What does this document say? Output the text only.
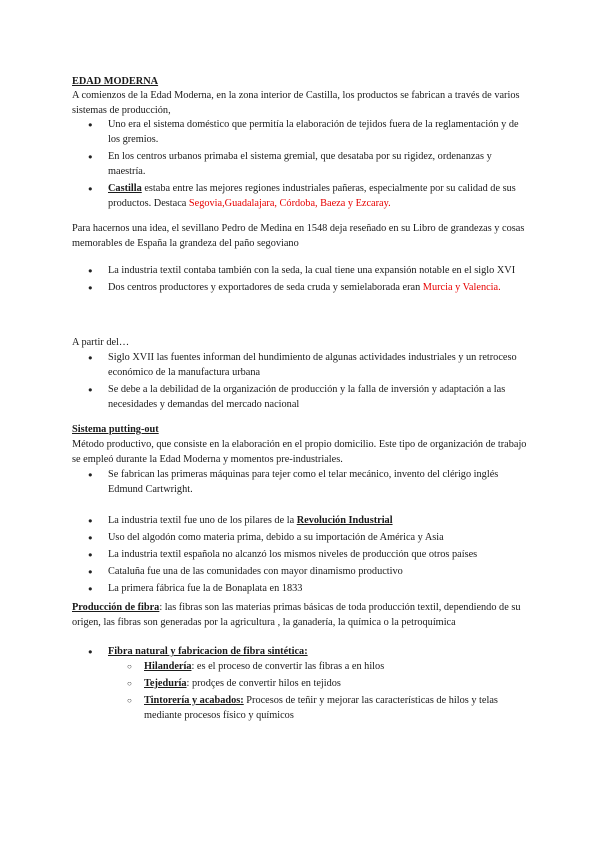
EDAD MODERNA

A comienzos de la Edad Moderna, en la zona interior de Castilla, los productos se fabrican a través de varios sistemas de producción,

● Uno era el sistema doméstico que permitía la elaboración de tejidos fuera de la reglamentación y de los gremios.
● En los centros urbanos primaba el sistema gremial, que desataba por su rigidez, ordenanzas y maestría.
● Castilla estaba entre las mejores regiones industriales pañeras, especialmente por su calidad de sus productos. Destaca Segovia,Guadalajara, Córdoba, Baeza y Ezcaray.

Para hacernos una idea, el sevillano Pedro de Medina en 1548 deja reseñado en su Libro de grandezas y cosas memorables de España la grandeza del paño segoviano

● La industria textil contaba también con la seda, la cual tiene una expansión notable en el siglo XVI
● Dos centros productores y exportadores de seda cruda y semielaborada eran Murcia y Valencia.

A partir del…

● Siglo XVII las fuentes informan del hundimiento de algunas actividades industriales y un retroceso económico de la manufactura urbana
● Se debe a la debilidad de la organización de producción y la falla de inversión y adaptación a las necesidades y demandas del mercado nacional

Sistema putting-out

Método productivo, que consiste en la elaboración en el propio domicilio. Este tipo de organización de trabajo se empleó durante la Edad Moderna y momentos pre-industriales.

● Se fabrican las primeras máquinas para tejer como el telar mecánico, invento del clérigo inglés Edmund Cartwright.
● La industria textil fue uno de los pilares de la Revolución Industrial
● Uso del algodón como materia prima, debido a su importación de América y Asia
● La industria textil española no alcanzó los mismos niveles de producción que otros países
● Cataluña fue una de las comunidades con mayor dinamismo productivo
● La primera fábrica fue la de Bonaplata en 1833

Producción de fibra: las fibras son las materias primas básicas de toda producción textil, dependiendo de su origen, las fibras son generadas por la agricultura , la ganadería, la química o la petroquímica

● Fibra natural y fabricacion de fibra sintética:
○ Hilandería: es el proceso de convertir las fibras a en hilos
○ Tejeduría: prodçes de convertir hilos en tejidos
○ Tintorería y acabados: Procesos de teñir y mejorar las características de hilos y telas mediante procesos físico y químicos
